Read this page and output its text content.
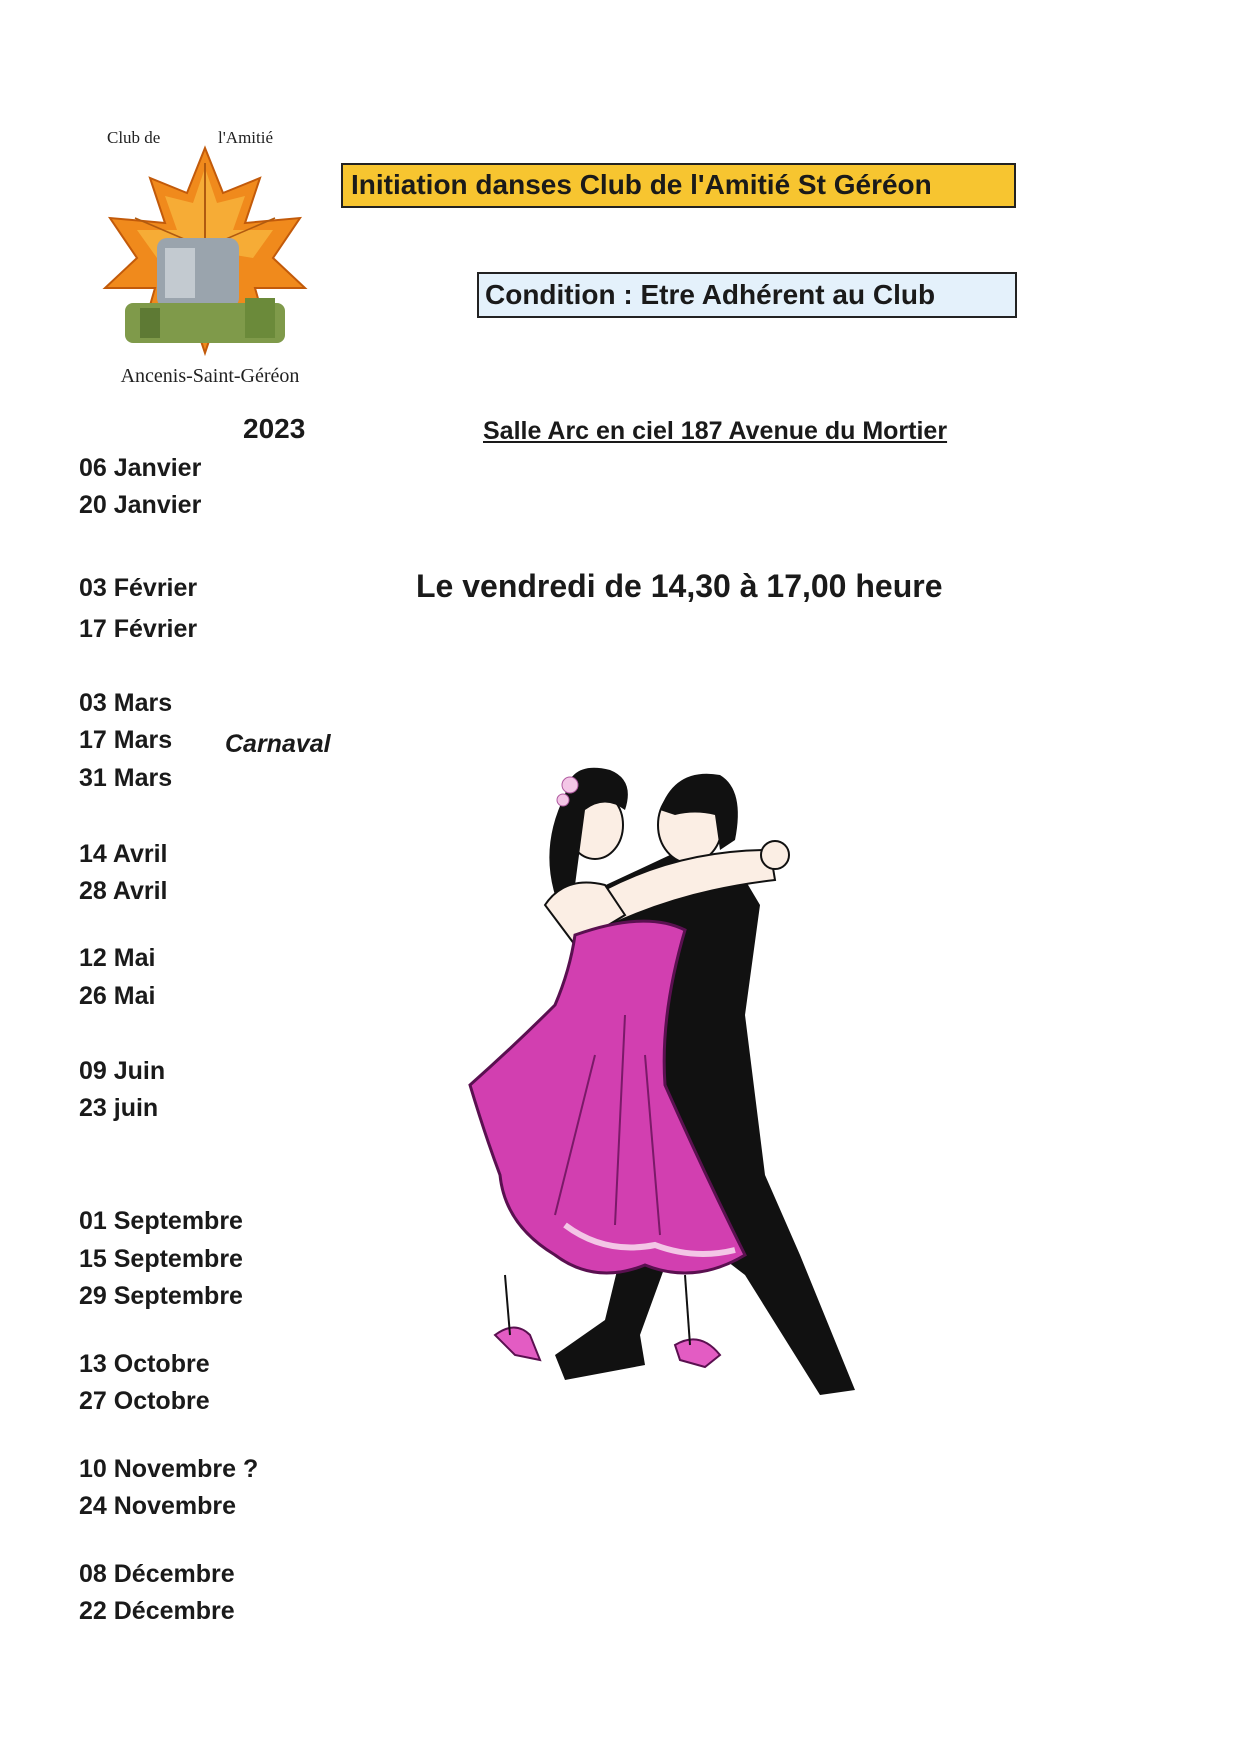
Club de	l'Amitié
Ancenis-Saint-Géréon
Initiation danses Club de l'Amitié St Géréon
Condition : Etre Adhérent au Club
2023	Salle Arc en ciel 187 Avenue du Mortier
Le vendredi de 14,30 à 17,00 heure
06 Janvier
20 Janvier
03 Février
17 Février
03 Mars
17 Mars
31 Mars
14 Avril
28 Avril
12 Mai
26 Mai
09 Juin
23 juin
01 Septembre
15 Septembre
29 Septembre
13 Octobre
27 Octobre
10 Novembre ?
24 Novembre
08 Décembre
22 Décembre
Carnaval
